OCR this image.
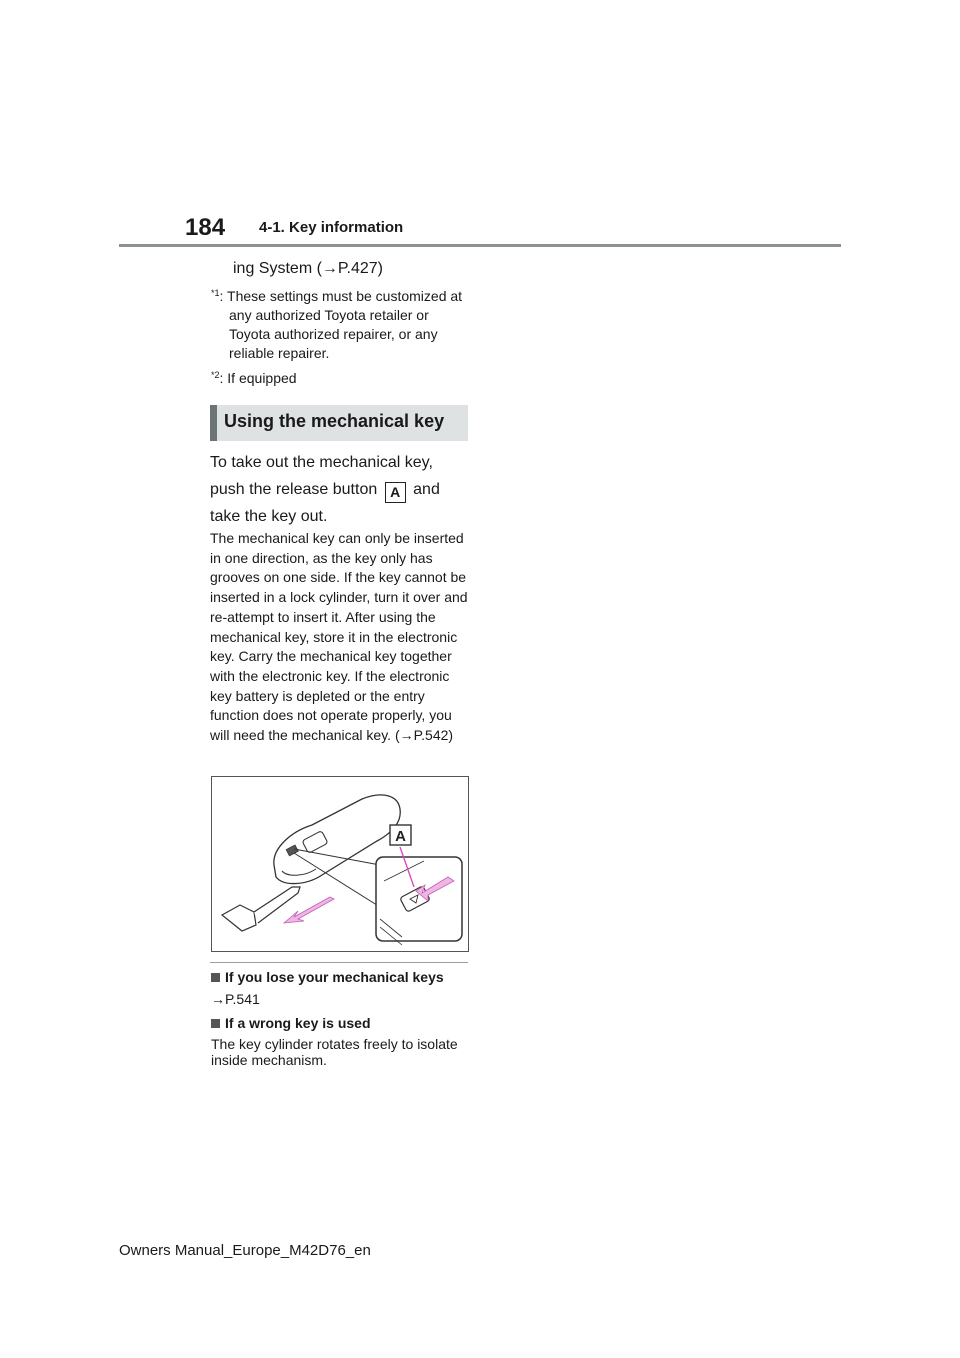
184 4-1. Key information
ing System (→P.427)
$^{*1}$: These settings must be customized at any authorized Toyota retailer or Toyota authorized repairer, or any reliable repairer.
$^{*2}$: If equipped
Using the mechanical key
To take out the mechanical key, push the release button A and take the key out.
The mechanical key can only be inserted in one direction, as the key only has grooves on one side. If the key cannot be inserted in a lock cylinder, turn it over and re-attempt to insert it. After using the mechanical key, store it in the electronic key. Carry the mechanical key together with the electronic key. If the electronic key battery is depleted or the entry function does not operate properly, you will need the mechanical key. (→P.542)
A
If you lose your mechanical keys
→P.541
If a wrong key is used
The key cylinder rotates freely to isolate inside mechanism.
Owners Manual_Europe_M42D76_en
